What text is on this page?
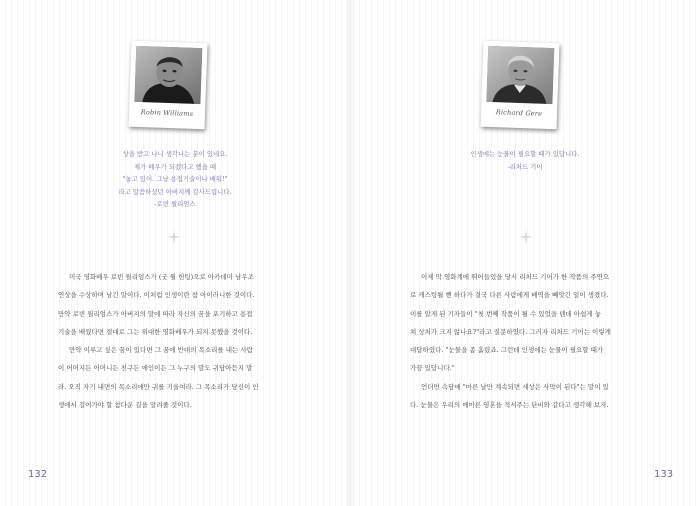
Robin Williams
상을 받고 나니 생각나는 분이 있네요.
제가 배우가 되겠다고 했을 때
"놓고 있어. 그냥 용접기술이나 배워!"
라고 말씀하셨던 아버지께 감사드립니다.
-로빈 윌리엄스
미국 영화배우 로빈 윌리엄스가 (굿 윌 헌팅)으로 아카데미 남우조
연상을 수상하며 남긴 말이다. 이처럼 인생이란 참 아이러니한 것이다.
만약 로빈 윌리엄스가 아버지의 말에 따라 자신의 꿈을 포기하고 용접
기술을 배웠다면 절대로 그는 위대한 영화배우가 되지 못했을 것이다.
만약 이루고 싶은 꿈이 있다면 그 꿈에 반대의 목소리를 내는 사람
이 어머지든 어머니든 친구든 애인이든 그 누구의 말도 귀담아듣지 말
라. 오직 자기 내면의 목소리에만 귀를 기울여라. 그 목소리가 당신이 인
생에서 걸어가야 할 참다운 길을 알려줄 것이다.
132
Richard Gere
인생에는 눈물이 필요할 때가 있답니다.
-리처드 기어
이제 막 영화계에 뛰어들었을 당시 리처드 기어가 한 작품의 주연으
로 캐스팅될 뻔 하다가 결국 다른 사람에게 배역을 빼앗긴 일이 생겼다.
이를 알게 된 기자들이 "첫 번째 작품이 될 수 있었을 텐데 아쉽게 놓
쳐 상처가 크지 않나요?"라고 질문하였다. 그러자 리처드 기어는 이렇게
대답하였다. "눈물을 좀 흘렸죠. 그런데 인생에는 눈물이 필요할 때가
가끔 있답니다."
언더먼 속담에 "마른 날만 계속되면 세상은 사막이 된다"는 말이 있
다. 눈물은 우리의 메마른 영혼을 적셔주는 단비와 같다고 생각해 보자.
133
